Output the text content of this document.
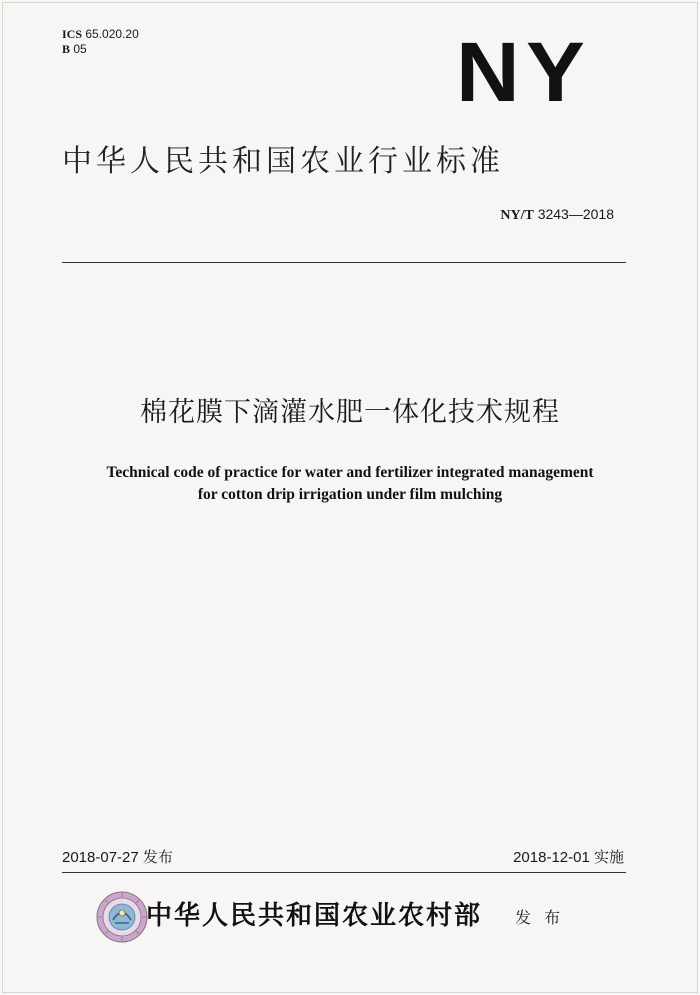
ICS 65.020.20
B 05	NY
中华人民共和国农业行业标准
NY/T 3243—2018
棉花膜下滴灌水肥一体化技术规程
Technical code of practice for water and fertilizer integrated management
for cotton drip irrigation under film mulching
2018-07-27 发布	2018-12-01 实施
中华人民共和国农业农村部 发 布
